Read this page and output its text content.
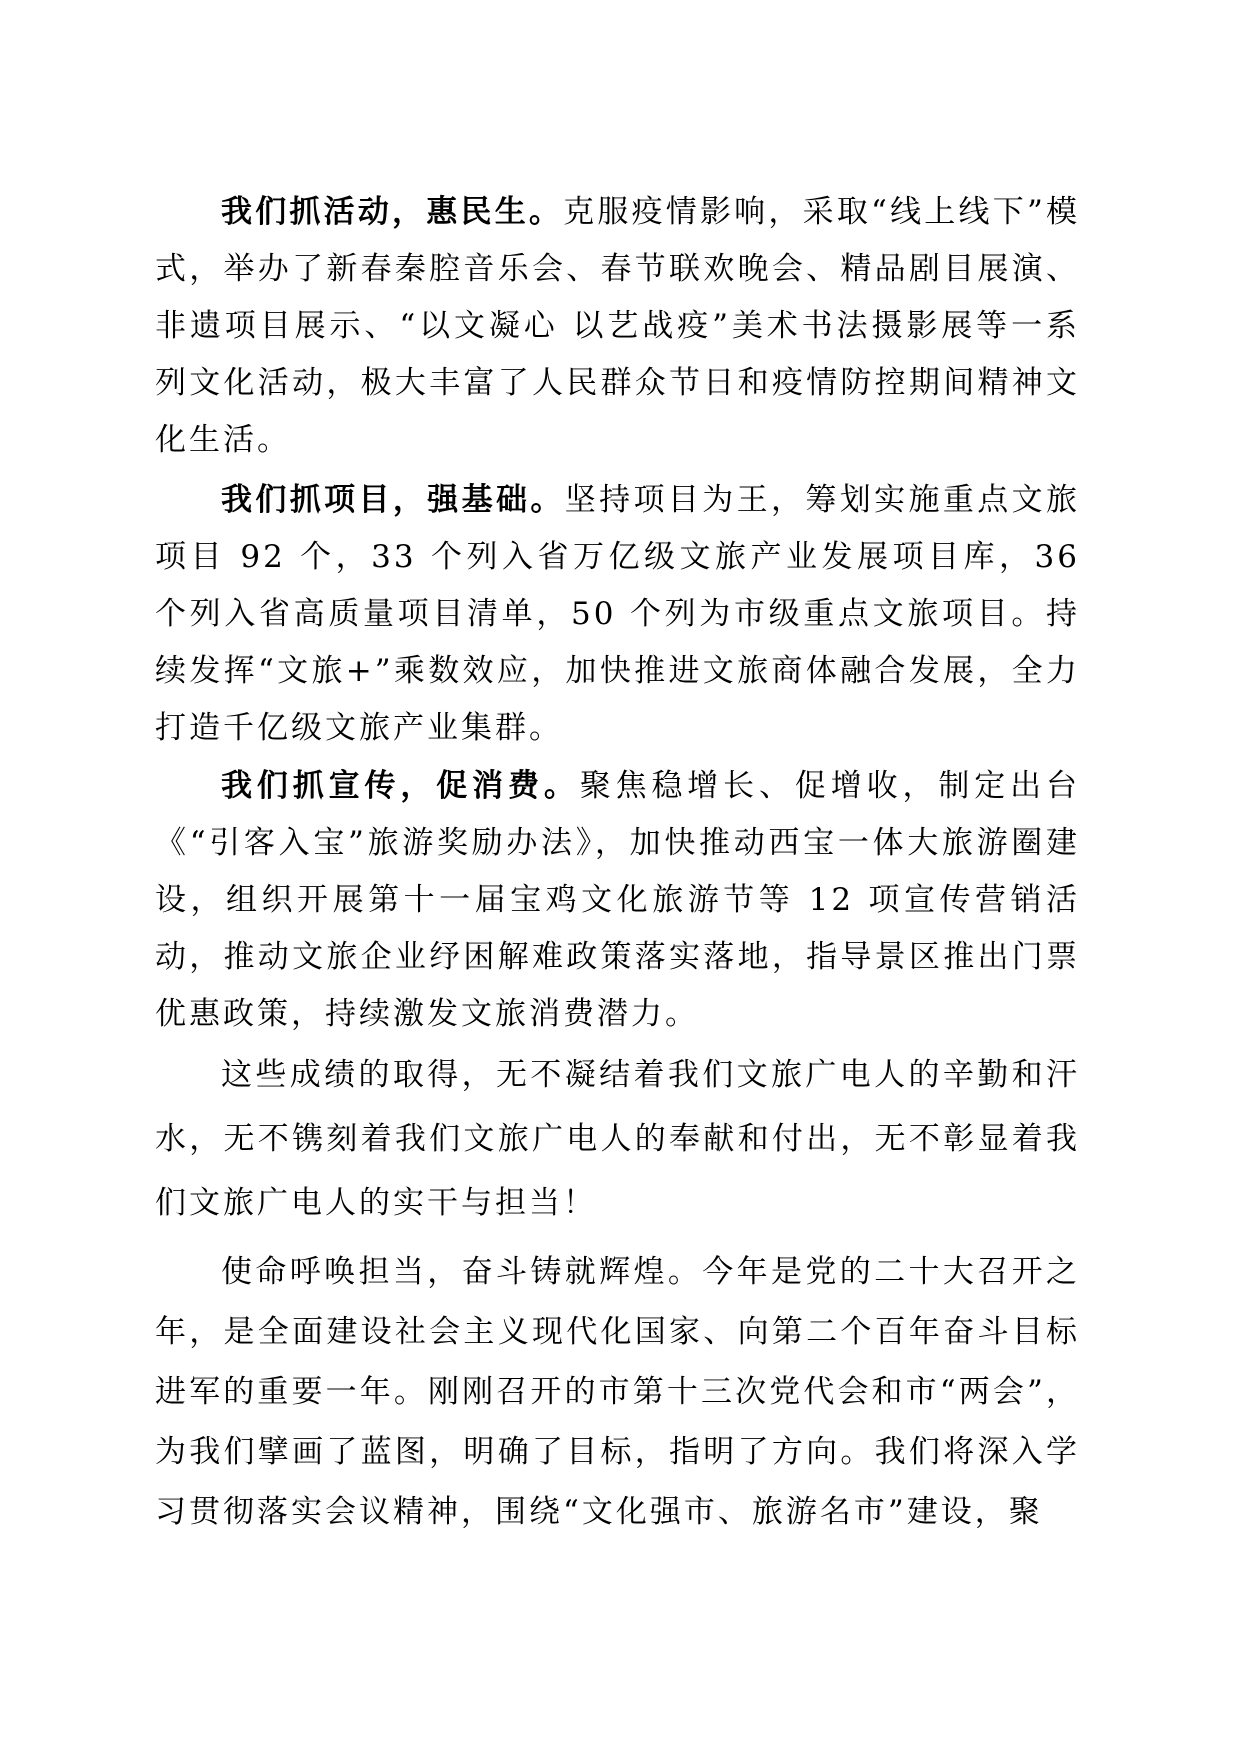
我们抓活动，惠民生。克服疫情影响，采取“线上线下”模式，举办了新春秦腔音乐会、春节联欢晚会、精品剧目展演、非遗项目展示、“以文凝心 以艺战疫”美术书法摄影展等一系列文化活动，极大丰富了人民群众节日和疫情防控期间精神文化生活。

我们抓项目，强基础。坚持项目为王，筹划实施重点文旅项目 92 个，33 个列入省万亿级文旅产业发展项目库，36 个列入省高质量项目清单，50 个列为市级重点文旅项目。持续发挥“文旅+”乘数效应，加快推进文旅商体融合发展，全力打造千亿级文旅产业集群。

我们抓宣传，促消费。聚焦稳增长、促增收，制定出台《“引客入宝”旅游奖励办法》，加快推动西宝一体大旅游圈建设，组织开展第十一届宝鸡文化旅游节等 12 项宣传营销活动，推动文旅企业纾困解难政策落实落地，指导景区推出门票优惠政策，持续激发文旅消费潜力。

这些成绩的取得，无不凝结着我们文旅广电人的辛勤和汗水，无不镌刻着我们文旅广电人的奉献和付出，无不彰显着我们文旅广电人的实干与担当！

使命呼唤担当，奋斗铸就辉煌。今年是党的二十大召开之年，是全面建设社会主义现代化国家、向第二个百年奋斗目标进军的重要一年。刚刚召开的市第十三次党代会和市“两会”，为我们擘画了蓝图，明确了目标，指明了方向。我们将深入学习贯彻落实会议精神，围绕“文化强市、旅游名市”建设，聚
